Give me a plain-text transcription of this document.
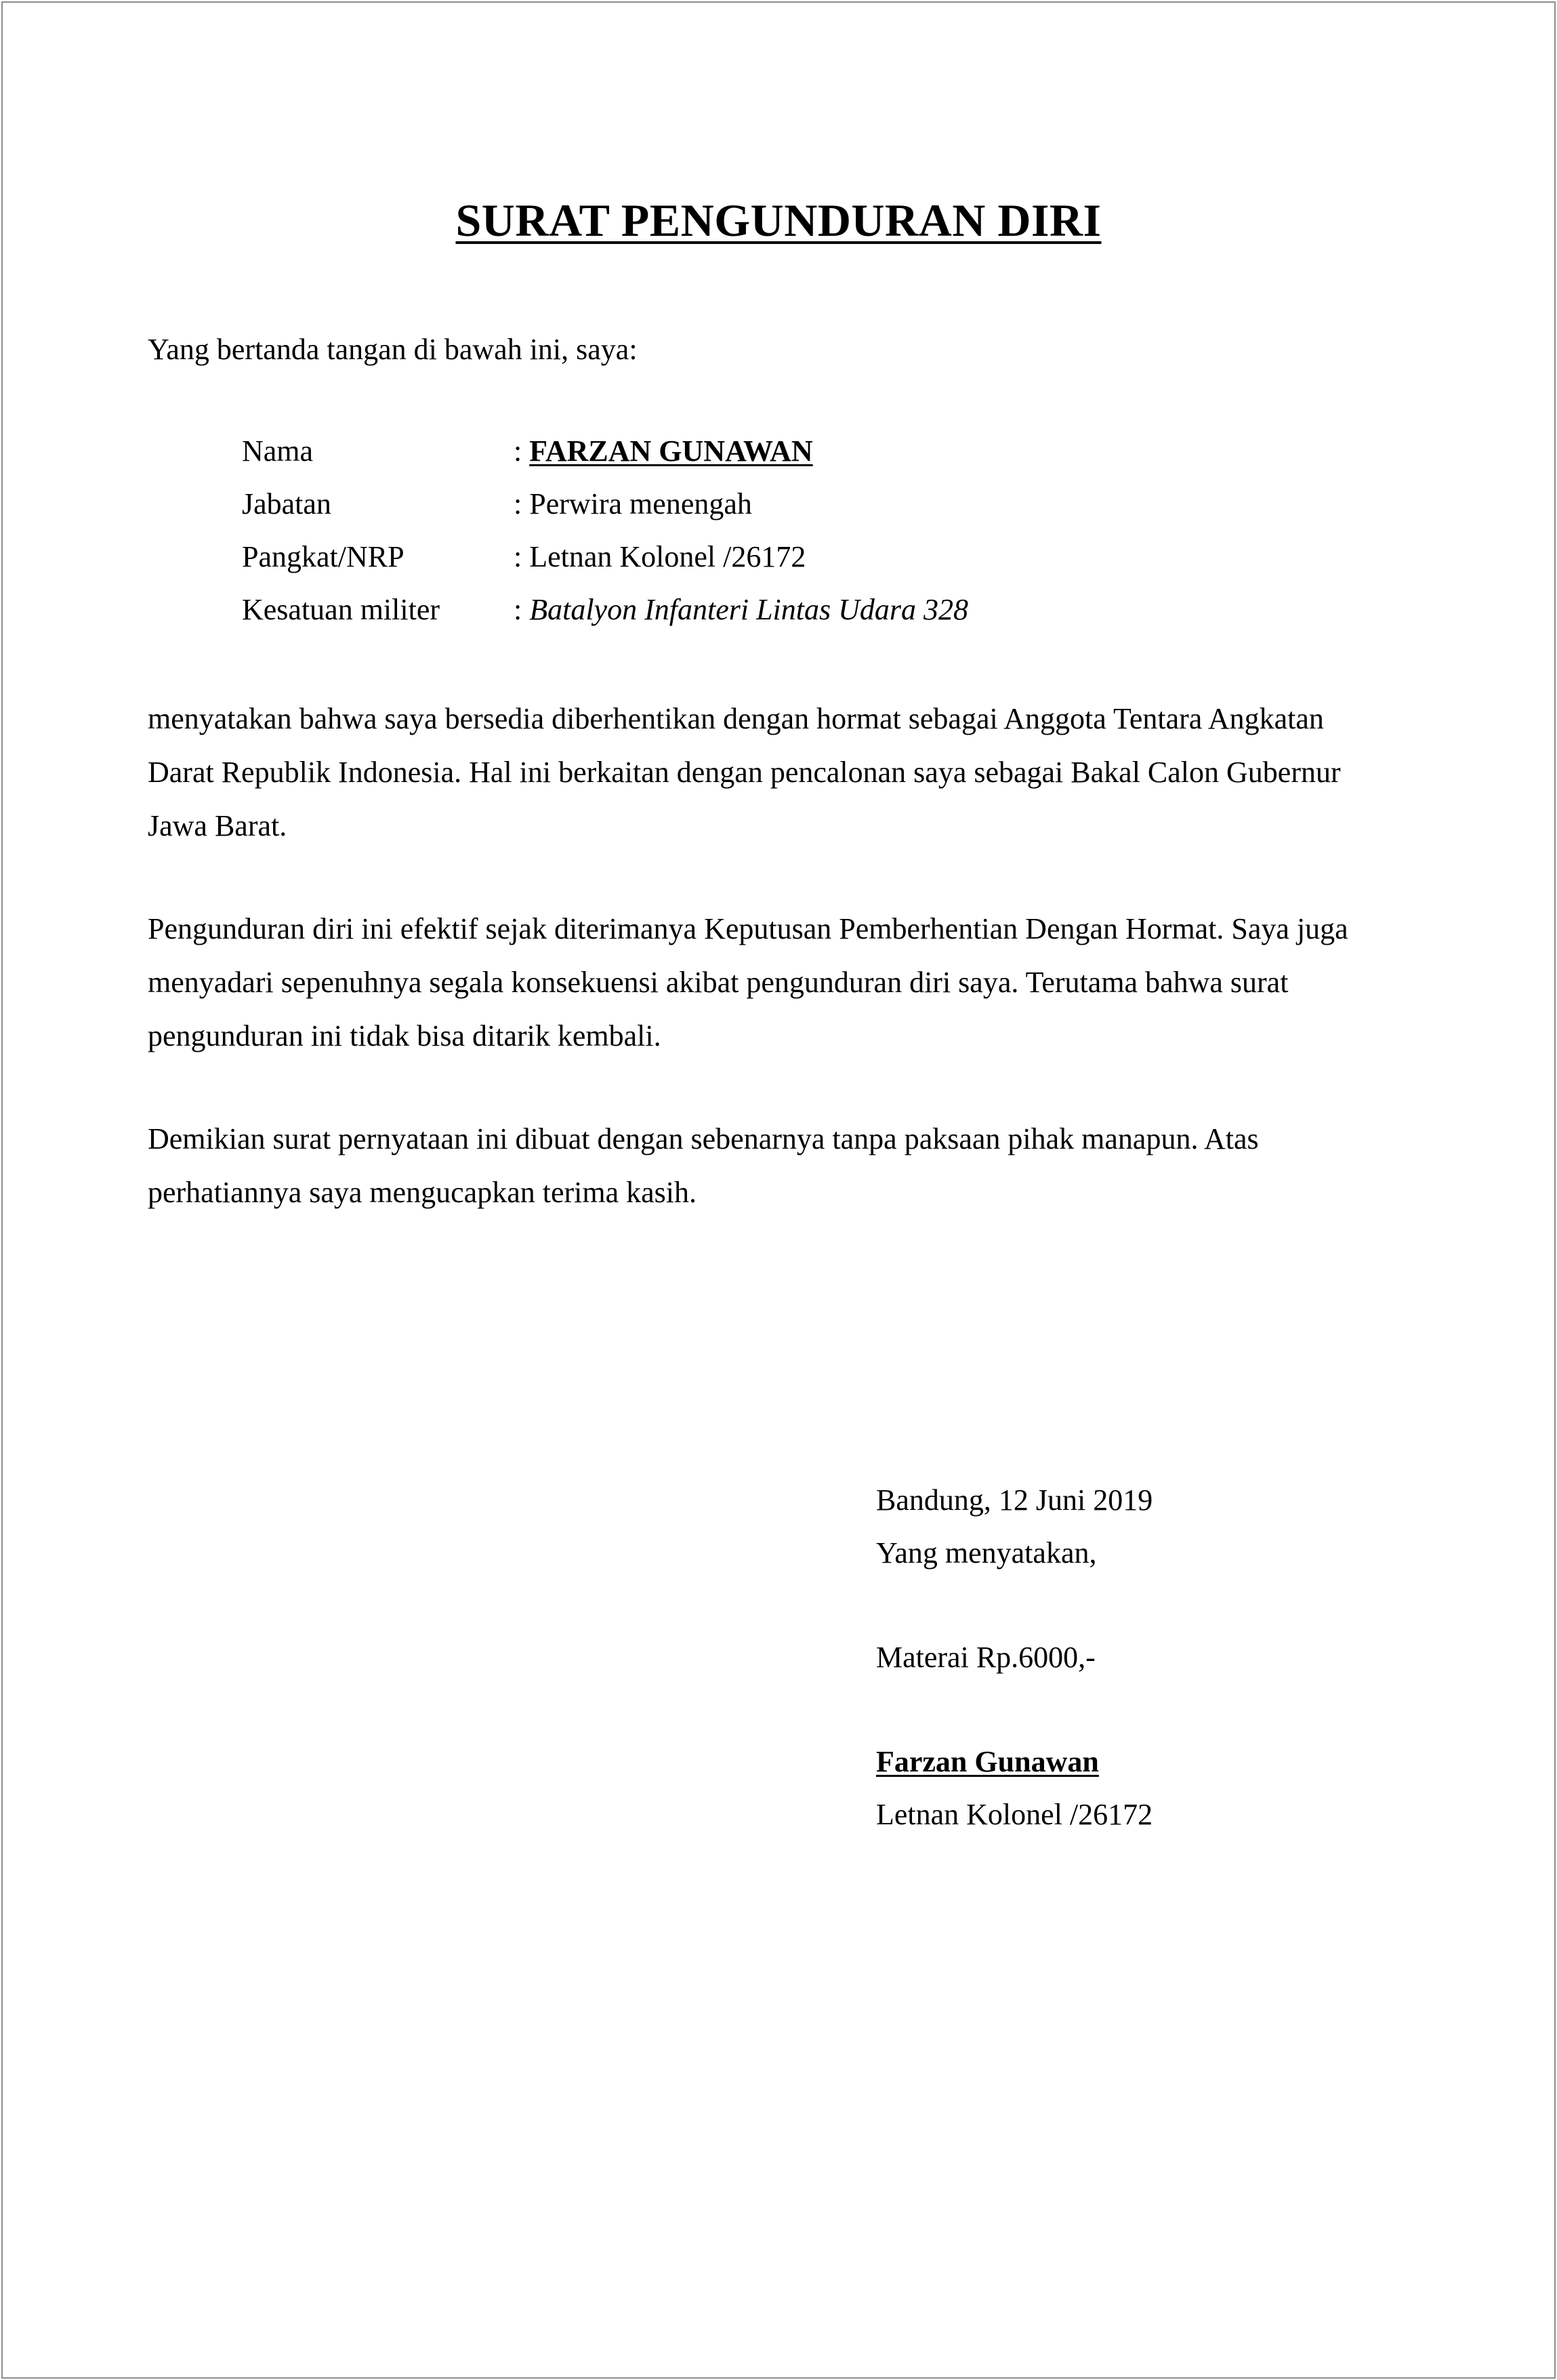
SURAT PENGUNDURAN DIRI
Yang bertanda tangan di bawah ini, saya:
Nama	: FARZAN GUNAWAN
Jabatan	: Perwira menengah
Pangkat/NRP	: Letnan Kolonel /26172
Kesatuan militer	: Batalyon Infanteri Lintas Udara 328
menyatakan bahwa saya bersedia diberhentikan dengan hormat sebagai Anggota Tentara Angkatan
Darat Republik Indonesia. Hal ini berkaitan dengan pencalonan saya sebagai Bakal Calon Gubernur
Jawa Barat.
Pengunduran diri ini efektif sejak diterimanya Keputusan Pemberhentian Dengan Hormat. Saya juga
menyadari sepenuhnya segala konsekuensi akibat pengunduran diri saya. Terutama bahwa surat
pengunduran ini tidak bisa ditarik kembali.
Demikian surat pernyataan ini dibuat dengan sebenarnya tanpa paksaan pihak manapun. Atas
perhatiannya saya mengucapkan terima kasih.
Bandung, 12 Juni 2019
Yang menyatakan,
Materai Rp.6000,-
Farzan Gunawan
Letnan Kolonel /26172
